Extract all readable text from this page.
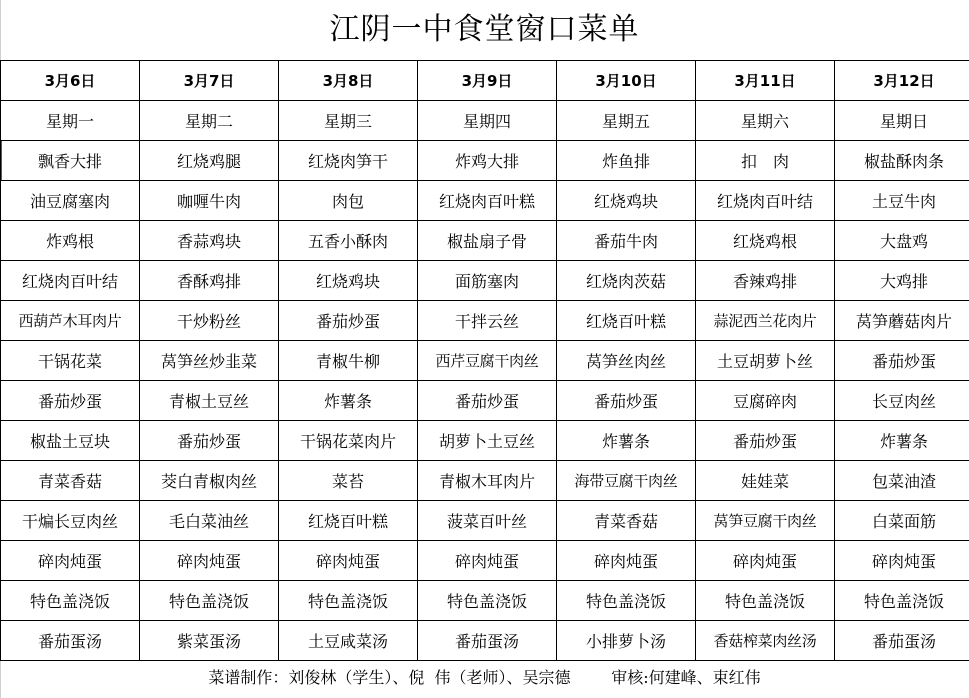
江阴一中食堂窗口菜单
3月6日	3月7日	3月8日	3月9日	3月10日	3月11日	3月12日
星期一	星期二	星期三	星期四	星期五	星期六	星期日
飘香大排	红烧鸡腿	红烧肉笋干	炸鸡大排	炸鱼排	扣　肉	椒盐酥肉条
油豆腐塞肉	咖喱牛肉	肉包	红烧肉百叶糕	红烧鸡块	红烧肉百叶结	土豆牛肉
炸鸡根	香蒜鸡块	五香小酥肉	椒盐扇子骨	番茄牛肉	红烧鸡根	大盘鸡
红烧肉百叶结	香酥鸡排	红烧鸡块	面筋塞肉	红烧肉茨菇	香辣鸡排	大鸡排
西葫芦木耳肉片	干炒粉丝	番茄炒蛋	干拌云丝	红烧百叶糕	蒜泥西兰花肉片	莴笋蘑菇肉片
干锅花菜	莴笋丝炒韭菜	青椒牛柳	西芹豆腐干肉丝	莴笋丝肉丝	土豆胡萝卜丝	番茄炒蛋
番茄炒蛋	青椒土豆丝	炸薯条	番茄炒蛋	番茄炒蛋	豆腐碎肉	长豆肉丝
椒盐土豆块	番茄炒蛋	干锅花菜肉片	胡萝卜土豆丝	炸薯条	番茄炒蛋	炸薯条
青菜香菇	茭白青椒肉丝	菜苔	青椒木耳肉片	海带豆腐干肉丝	娃娃菜	包菜油渣
干煸长豆肉丝	毛白菜油丝	红烧百叶糕	菠菜百叶丝	青菜香菇	莴笋豆腐干肉丝	白菜面筋
碎肉炖蛋	碎肉炖蛋	碎肉炖蛋	碎肉炖蛋	碎肉炖蛋	碎肉炖蛋	碎肉炖蛋
特色盖浇饭	特色盖浇饭	特色盖浇饭	特色盖浇饭	特色盖浇饭	特色盖浇饭	特色盖浇饭
番茄蛋汤	紫菜蛋汤	土豆咸菜汤	番茄蛋汤	小排萝卜汤	香菇榨菜肉丝汤	番茄蛋汤
菜谱制作：刘俊林（学生）、倪  伟（老师）、吴宗德        审核:何建峰、束红伟
